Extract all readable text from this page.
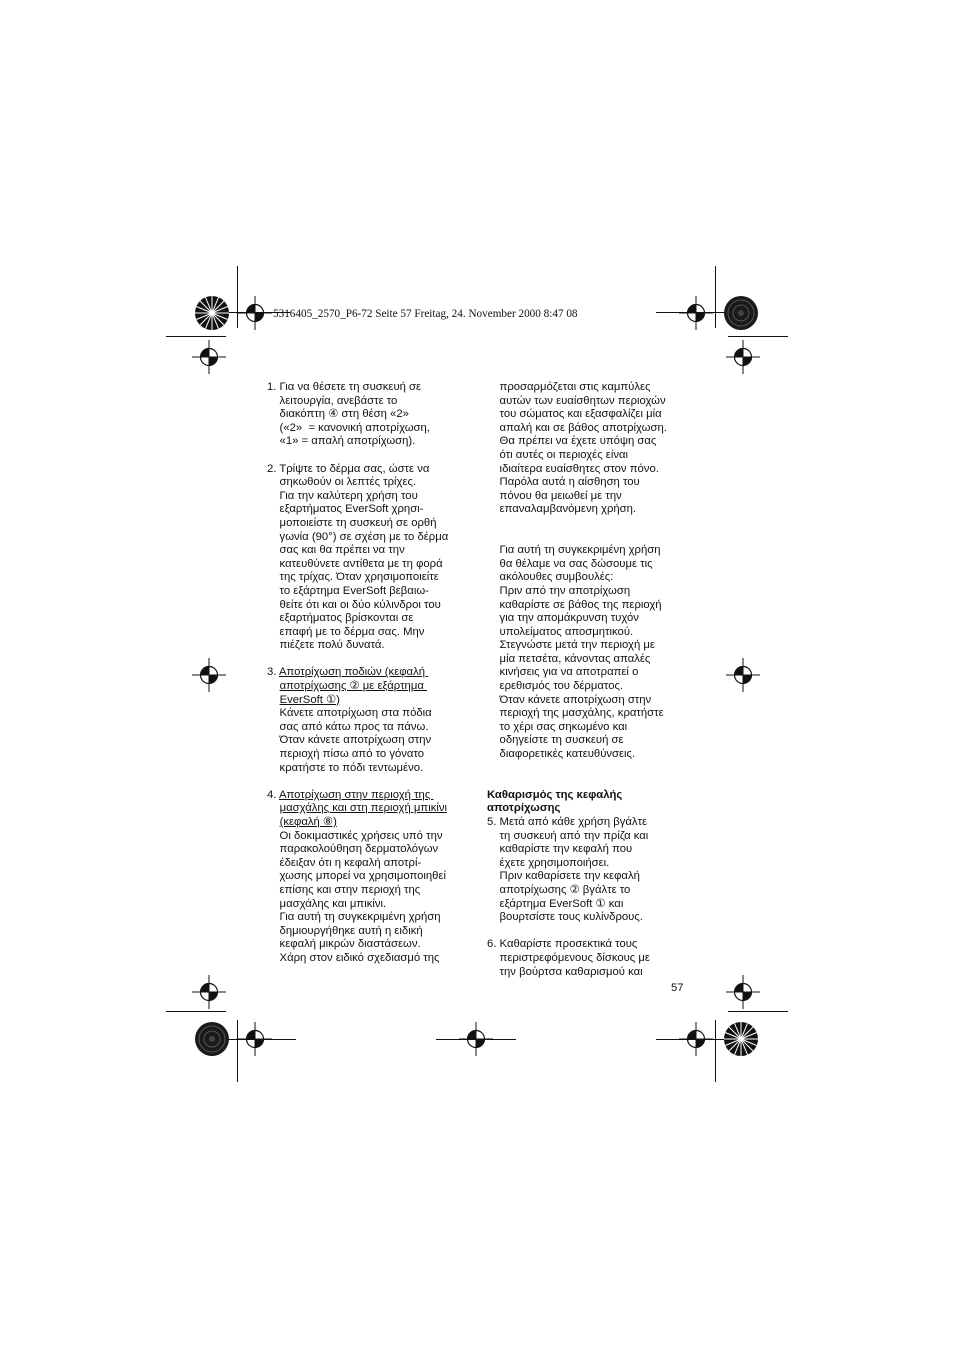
5316405_2570_P6-72 Seite 57 Freitag, 24. November 2000 8:47 08
1. Για να θέσετε τη συσκευή σε
λειτουργία, ανεβάστε το
διακόπτη ④ στη θέση «2»
(«2»  = κανονική αποτρίχωση,
«1» = απαλή αποτρίχωση).
2. Τρίψτε το δέρμα σας, ώστε να
σηκωθούν οι λεπτές τρίχες.
Για την καλύτερη χρήση του
εξαρτήματος EverSoft χρησι-
μοποιείστε τη συσκευή σε ορθή
γωνία (90°) σε σχέση με το δέρμα
σας και θα πρέπει να την
κατευθύνετε αντίθετα με τη φορά
της τρίχας. Όταν χρησιμοποιείτε
το εξάρτημα EverSoft βεβαιω-
θείτε ότι και οι δύο κύλινδροι του
εξαρτήματος βρίσκονται σε
επαφή με το δέρμα σας. Μην
πιέζετε πολύ δυνατά.
3. Αποτρίχωση ποδιών (κεφαλή
αποτρίχωσης ② με εξάρτημα
EverSoft ①)
Κάνετε αποτρίχωση στα πόδια
σας από κάτω προς τα πάνω.
Όταν κάνετε αποτρίχωση στην
περιοχή πίσω από το γόνατο
κρατήστε το πόδι τεντωμένο.
4. Αποτρίχωση στην περιοχή της
μασχάλης και στη περιοχή μπικίνι
(κεφαλή ⑧)
Οι δοκιμαστικές χρήσεις υπό την
παρακολούθηση δερματολόγων
έδειξαν ότι η κεφαλή αποτρί-
χωσης μπορεί να χρησιμοποιηθεί
επίσης και στην περιοχή της
μασχάλης και μπικίνι.
Για αυτή τη συγκεκριμένη χρήση
δημιουργήθηκε αυτή η ειδική
κεφαλή μικρών διαστάσεων.
Χάρη στον ειδικό σχεδιασμό της
προσαρμόζεται στις καμπύλες
αυτών των ευαίσθητων περιοχών
του σώματος και εξασφαλίζει μία
απαλή και σε βάθος αποτρίχωση.
Θα πρέπει να έχετε υπόψη σας
ότι αυτές οι περιοχές είναι
ιδιαίτερα ευαίσθητες στον πόνο.
Παρόλα αυτά η αίσθηση του
πόνου θα μειωθεί με την
επαναλαμβανόμενη χρήση.
Για αυτή τη συγκεκριμένη χρήση
θα θέλαμε να σας δώσουμε τις
ακόλουθες συμβουλές:
Πριν από την αποτρίχωση
καθαρίστε σε βάθος της περιοχή
για την απομάκρυνση τυχόν
υπολείματος αποσμητικού.
Στεγνώστε μετά την περιοχή με
μία πετσέτα, κάνοντας απαλές
κινήσεις για να αποτραπεί ο
ερεθισμός του δέρματος.
Όταν κάνετε αποτρίχωση στην
περιοχή της μασχάλης, κρατήστε
το χέρι σας σηκωμένο και
οδηγείστε τη συσκευή σε
διαφορετικές κατευθύνσεις.
Καθαρισμός της κεφαλής
αποτρίχωσης
5. Μετά από κάθε χρήση βγάλτε
τη συσκευή από την πρίζα και
καθαρίστε την κεφαλή που
έχετε χρησιμοποιήσει.
Πριν καθαρίσετε την κεφαλή
αποτρίχωσης ② βγάλτε το
εξάρτημα EverSoft ① και
βουρτσίστε τους κυλίνδρους.
6. Καθαρίστε προσεκτικά τους
περιστρεφόμενους δίσκους με
την βούρτσα καθαρισμού και
57
